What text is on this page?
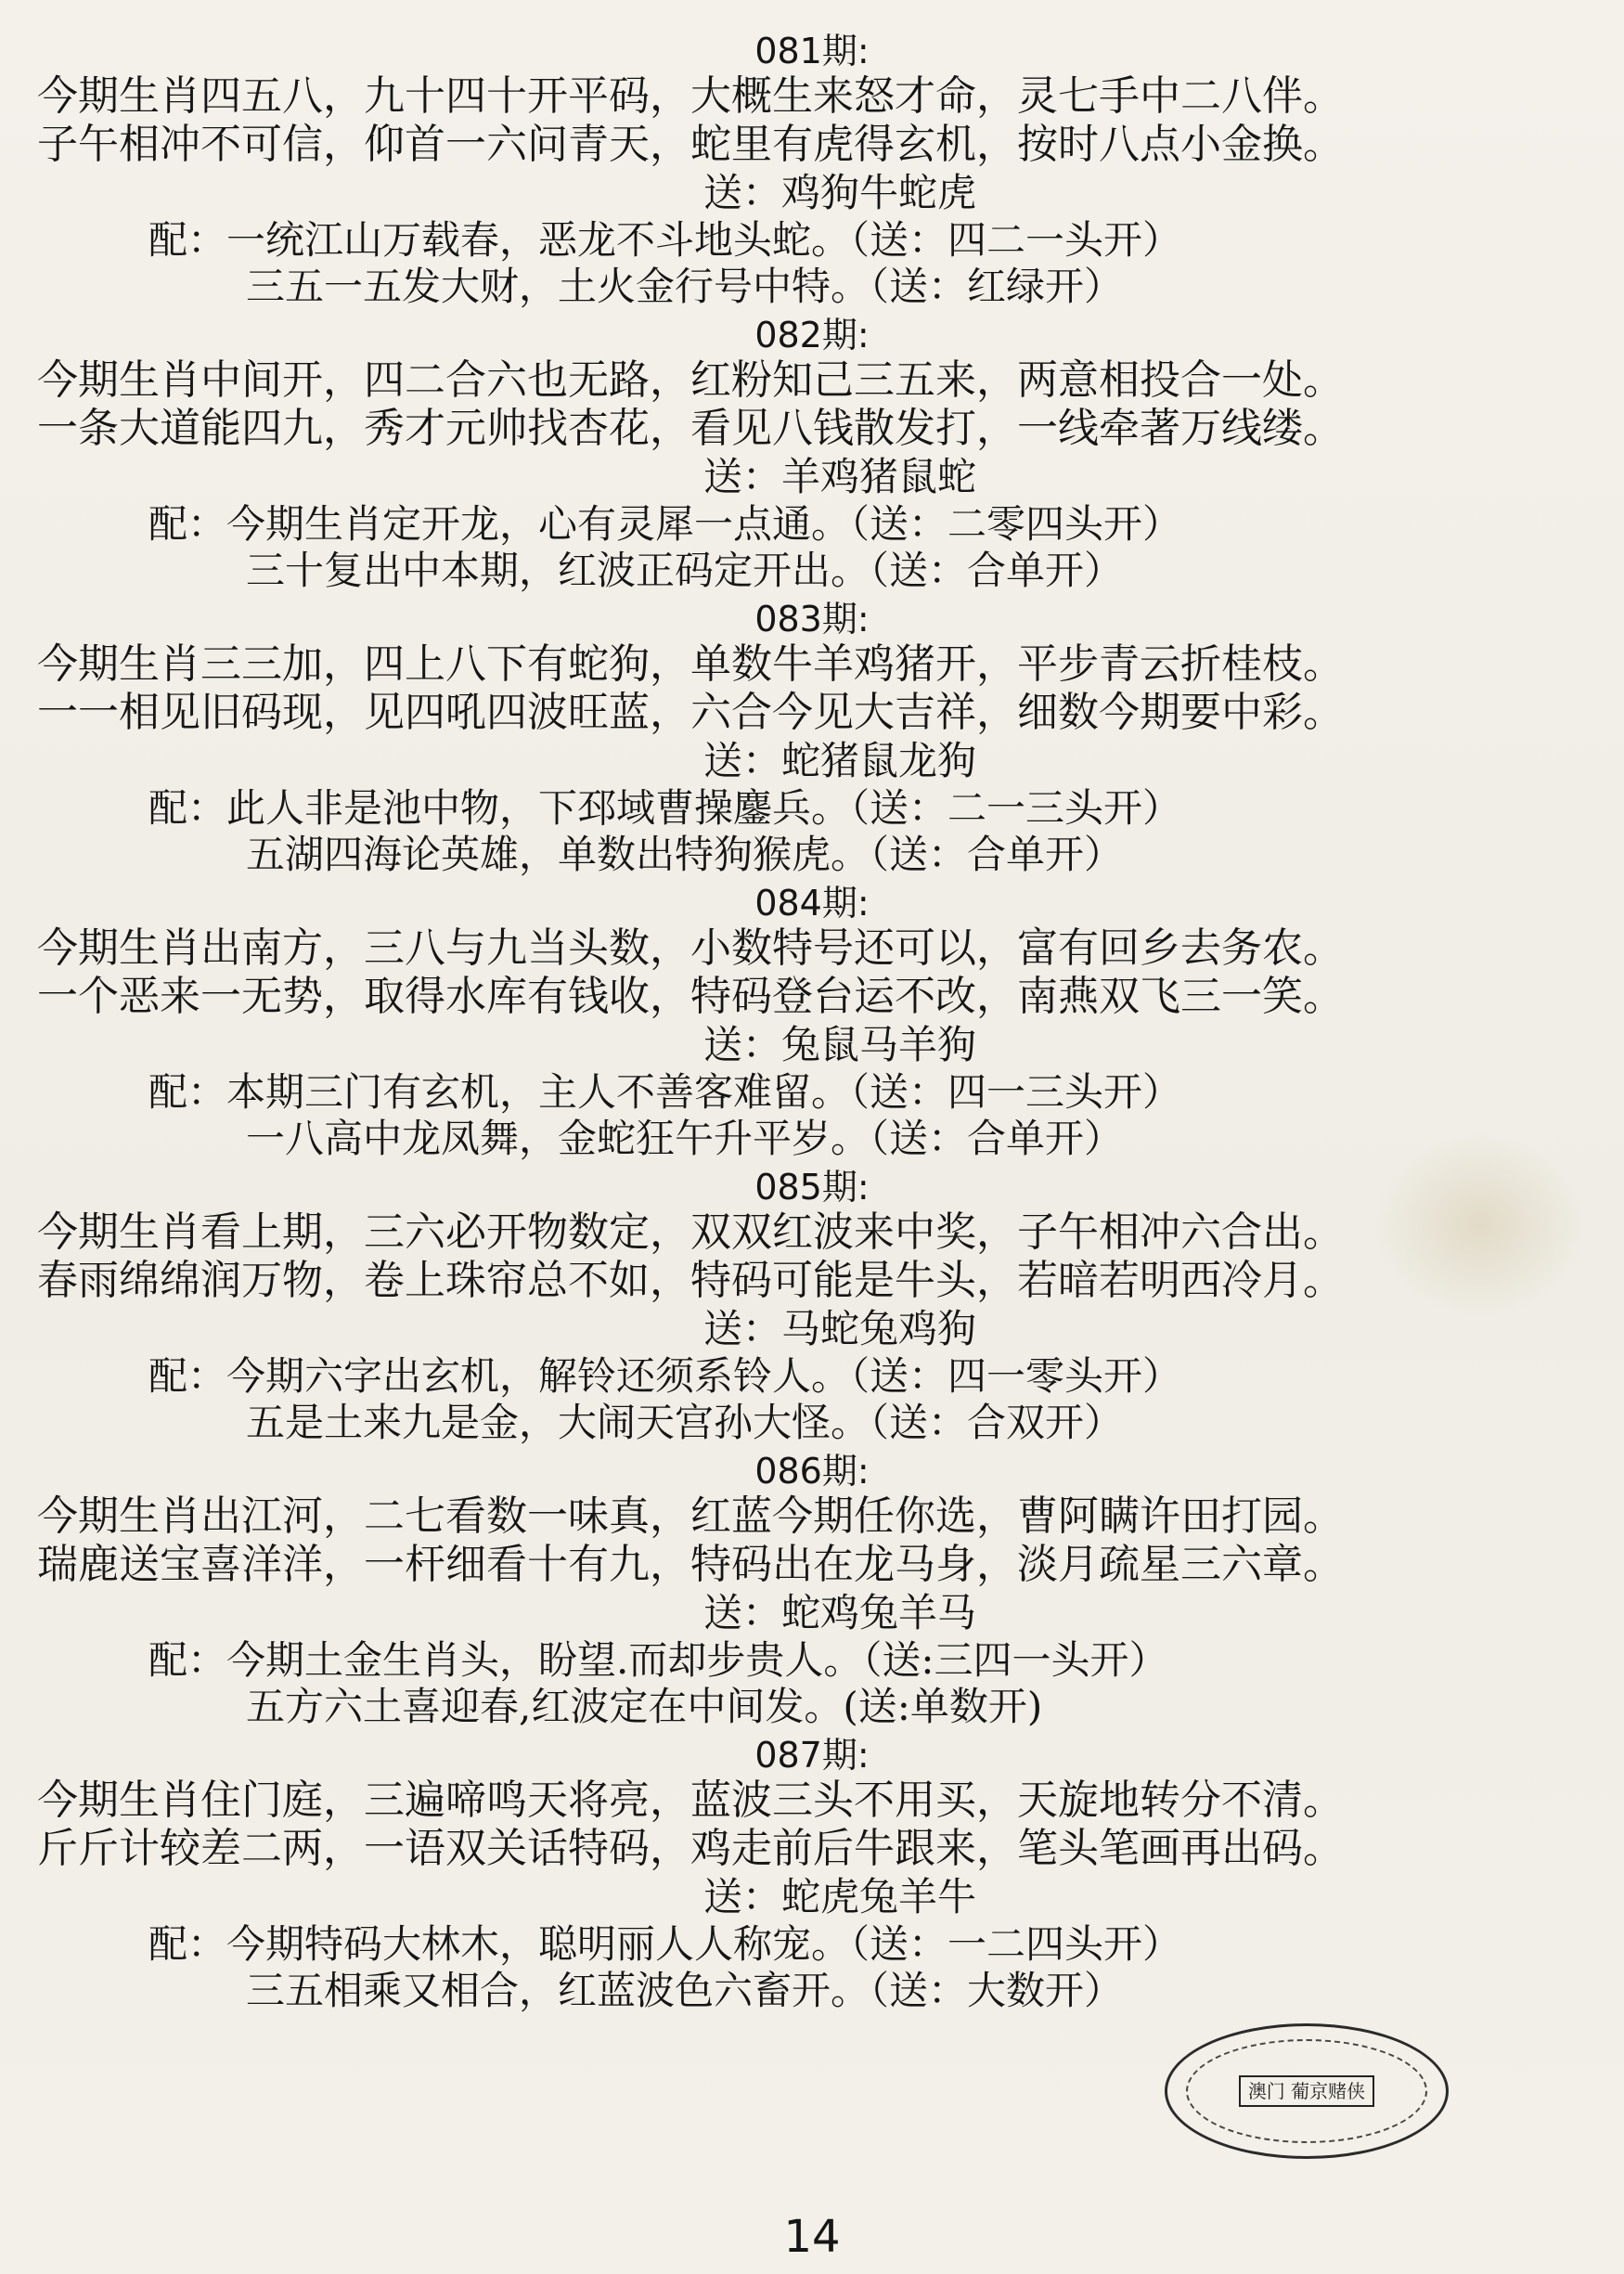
081期:
今期生肖四五八，九十四十开平码，大概生来怒才命，灵七手中二八伴。
子午相冲不可信，仰首一六问青天，蛇里有虎得玄机，按时八点小金换。
送：鸡狗牛蛇虎
配：一统江山万载春，恶龙不斗地头蛇。（送：四二一头开）
三五一五发大财，土火金行号中特。（送：红绿开）
082期:
今期生肖中间开，四二合六也无路，红粉知己三五来，两意相投合一处。
一条大道能四九，秀才元帅找杏花，看见八钱散发打，一线牵著万线缕。
送：羊鸡猪鼠蛇
配：今期生肖定开龙，心有灵犀一点通。（送：二零四头开）
三十复出中本期，红波正码定开出。（送：合单开）
083期:
今期生肖三三加，四上八下有蛇狗，单数牛羊鸡猪开，平步青云折桂枝。
一一相见旧码现，见四吼四波旺蓝，六合今见大吉祥，细数今期要中彩。
送：蛇猪鼠龙狗
配：此人非是池中物，下邳域曹操鏖兵。（送：二一三头开）
五湖四海论英雄，单数出特狗猴虎。（送：合单开）
084期:
今期生肖出南方，三八与九当头数，小数特号还可以，富有回乡去务农。
一个恶来一无势，取得水库有钱收，特码登台运不改，南燕双飞三一笑。
送：兔鼠马羊狗
配：本期三门有玄机，主人不善客难留。（送：四一三头开）
一八高中龙凤舞，金蛇狂午升平岁。（送：合单开）
085期:
今期生肖看上期，三六必开物数定，双双红波来中奖，子午相冲六合出。
春雨绵绵润万物，卷上珠帘总不如，特码可能是牛头，若暗若明西冷月。
送：马蛇兔鸡狗
配：今期六字出玄机，解铃还须系铃人。（送：四一零头开）
五是土来九是金，大闹天宫孙大怪。（送：合双开）
086期:
今期生肖出江河，二七看数一味真，红蓝今期任你选，曹阿瞒许田打园。
瑞鹿送宝喜洋洋，一杆细看十有九，特码出在龙马身，淡月疏星三六章。
送：蛇鸡兔羊马
配：今期土金生肖头，盼望.而却步贵人。（送:三四一头开）
五方六土喜迎春,红波定在中间发。(送:单数开)
087期:
今期生肖住门庭，三遍啼鸣天将亮，蓝波三头不用买，天旋地转分不清。
斤斤计较差二两，一语双关话特码，鸡走前后牛跟来，笔头笔画再出码。
送：蛇虎兔羊牛
配：今期特码大林木，聪明丽人人称宠。（送：一二四头开）
三五相乘又相合，红蓝波色六畜开。（送：大数开）
澳门 葡京赌侠
14
